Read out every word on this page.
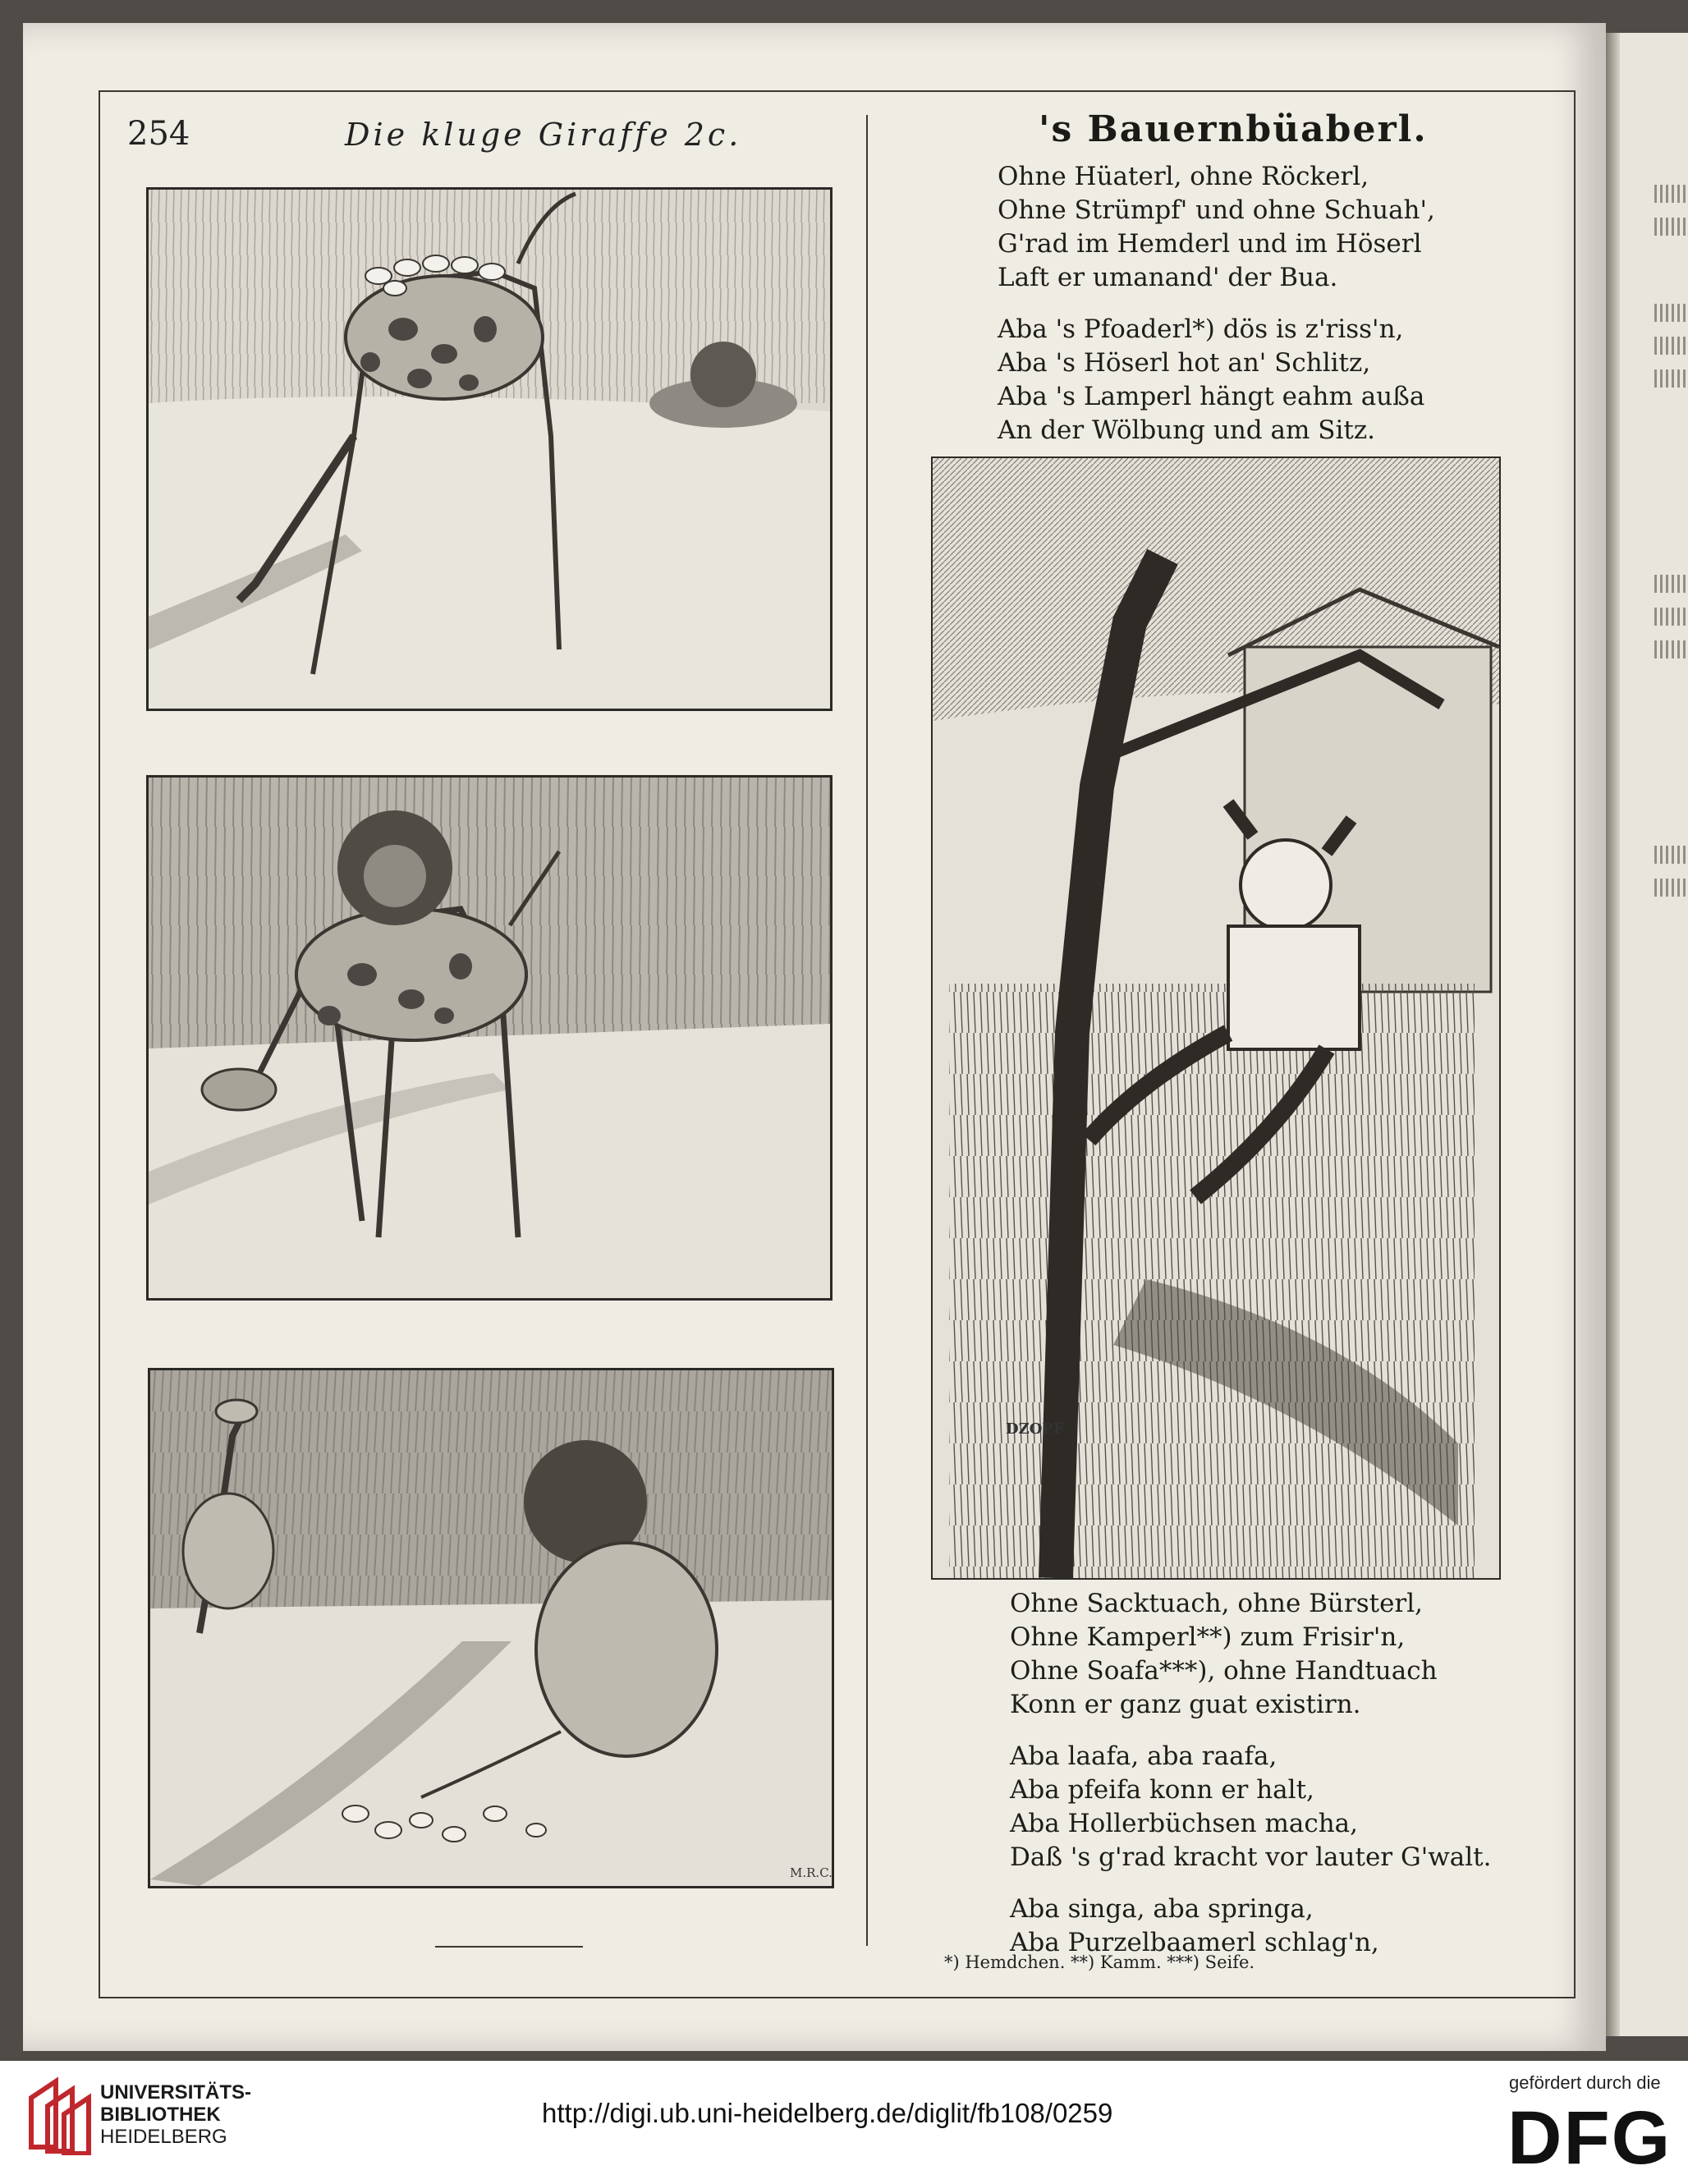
254	Die kluge Giraffe 2c.
M.R.C.
's Bauernbüaberl.
Ohne Hüaterl, ohne Röckerl,
Ohne Strümpf' und ohne Schuah',
G'rad im Hemderl und im Höserl
Laft er umanand' der Bua.
Aba 's Pfoaderl*) dös is z'riss'n,
Aba 's Höserl hot an' Schlitz,
Aba 's Lamperl hängt eahm außa
An der Wölbung und am Sitz.
DZOPF
Ohne Sacktuach, ohne Bürsterl,
Ohne Kamperl**) zum Frisir'n,
Ohne Soafa***), ohne Handtuach
Konn er ganz guat existirn.
Aba laafa, aba raafa,
Aba pfeifa konn er halt,
Aba Hollerbüchsen macha,
Daß 's g'rad kracht vor lauter G'walt.
Aba singa, aba springa,
Aba Purzelbaamerl schlag'n,
*) Hemdchen. **) Kamm. ***) Seife.
UNIVERSITÄTS-
BIBLIOTHEK
HEIDELBERG
http://digi.ub.uni-heidelberg.de/diglit/fb108/0259
gefördert durch die
DFG
